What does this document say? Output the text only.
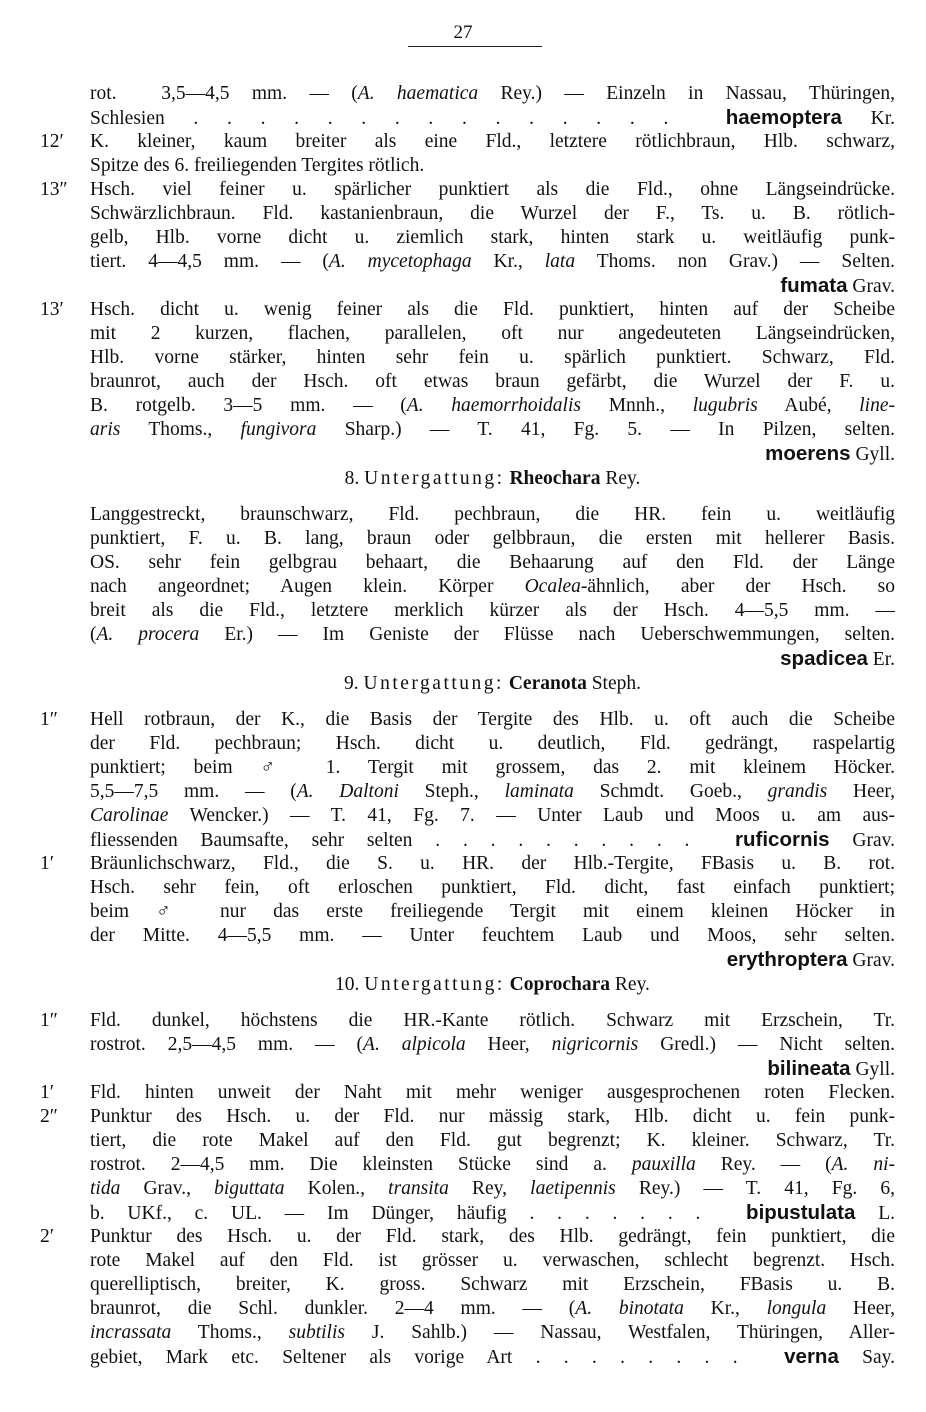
27
rot.  3,5—4,5 mm. — (A. haematica Rey.) — Einzeln in Nassau, Thüringen,
Schlesien . . . . . . . . . . . . . . .  haemoptera Kr.
12′ K. kleiner, kaum breiter als eine Fld., letztere rötlichbraun, Hlb. schwarz,
Spitze des 6. freiliegenden Tergites rötlich.
13″ Hsch. viel feiner u. spärlicher punktiert als die Fld., ohne Längseindrücke.
Schwärzlichbraun. Fld. kastanienbraun, die Wurzel der F., Ts. u. B. rötlich-
gelb, Hlb. vorne dicht u. ziemlich stark, hinten stark u. weitläufig punk-
tiert. 4—4,5 mm. — (A. mycetophaga Kr., lata Thoms. non Grav.) — Selten.
fumata Grav.
13′ Hsch. dicht u. wenig feiner als die Fld. punktiert, hinten auf der Scheibe
mit 2 kurzen, flachen, parallelen, oft nur angedeuteten Längseindrücken,
Hlb. vorne stärker, hinten sehr fein u. spärlich punktiert. Schwarz, Fld.
braunrot, auch der Hsch. oft etwas braun gefärbt, die Wurzel der F. u.
B. rotgelb. 3—5 mm. — (A. haemorrhoidalis Mnnh., lugubris Aubé, line-
aris Thoms., fungivora Sharp.) — T. 41, Fg. 5. — In Pilzen, selten.
moerens Gyll.
8. Untergattung: Rheochara Rey.
Langgestreckt, braunschwarz, Fld. pechbraun, die HR. fein u. weitläufig
punktiert, F. u. B. lang, braun oder gelbbraun, die ersten mit hellerer Basis.
OS. sehr fein gelbgrau behaart, die Behaarung auf den Fld. der Länge
nach angeordnet; Augen klein. Körper Ocalea-ähnlich, aber der Hsch. so
breit als die Fld., letztere merklich kürzer als der Hsch. 4—5,5 mm. —
(A. procera Er.) — Im Geniste der Flüsse nach Ueberschwemmungen, selten.
spadicea Er.
9. Untergattung: Ceranota Steph.
1″ Hell rotbraun, der K., die Basis der Tergite des Hlb. u. oft auch die Scheibe
der Fld. pechbraun; Hsch. dicht u. deutlich, Fld. gedrängt, raspelartig
punktiert; beim ♂ 1. Tergit mit grossem, das 2. mit kleinem Höcker.
5,5—7,5 mm. — (A. Daltoni Steph., laminata Schmdt. Goeb., grandis Heer,
Carolinae Wencker.) — T. 41, Fg. 7. — Unter Laub und Moos u. am aus-
fliessenden Baumsafte, sehr selten . . . . . . . . . .  ruficornis Grav.
1′ Bräunlichschwarz, Fld., die S. u. HR. der Hlb.-Tergite, FBasis u. B. rot.
Hsch. sehr fein, oft erloschen punktiert, Fld. dicht, fast einfach punktiert;
beim ♂ nur das erste freiliegende Tergit mit einem kleinen Höcker in
der Mitte. 4—5,5 mm. — Unter feuchtem Laub und Moos, sehr selten.
erythroptera Grav.
10. Untergattung: Coprochara Rey.
1″ Fld. dunkel, höchstens die HR.-Kante rötlich. Schwarz mit Erzschein, Tr.
rostrot. 2,5—4,5 mm. — (A. alpicola Heer, nigricornis Gredl.) — Nicht selten.
bilineata Gyll.
1′ Fld. hinten unweit der Naht mit mehr weniger ausgesprochenen roten Flecken.
2″ Punktur des Hsch. u. der Fld. nur mässig stark, Hlb. dicht u. fein punk-
tiert, die rote Makel auf den Fld. gut begrenzt; K. kleiner. Schwarz, Tr.
rostrot. 2—4,5 mm. Die kleinsten Stücke sind a. pauxilla Rey. — (A. ni-
tida Grav., biguttata Kolen., transita Rey, laetipennis Rey.) — T. 41, Fg. 6,
b. UKf., c. UL. — Im Dünger, häufig . . . . . . .  bipustulata L.
2′ Punktur des Hsch. u. der Fld. stark, des Hlb. gedrängt, fein punktiert, die
rote Makel auf den Fld. ist grösser u. verwaschen, schlecht begrenzt. Hsch.
querelliptisch, breiter, K. gross. Schwarz mit Erzschein, FBasis u. B.
braunrot, die Schl. dunkler. 2—4 mm. — (A. binotata Kr., longula Heer,
incrassata Thoms., subtilis J. Sahlb.) — Nassau, Westfalen, Thüringen, Aller-
gebiet, Mark etc. Seltener als vorige Art . . . . . . . .  verna Say.
